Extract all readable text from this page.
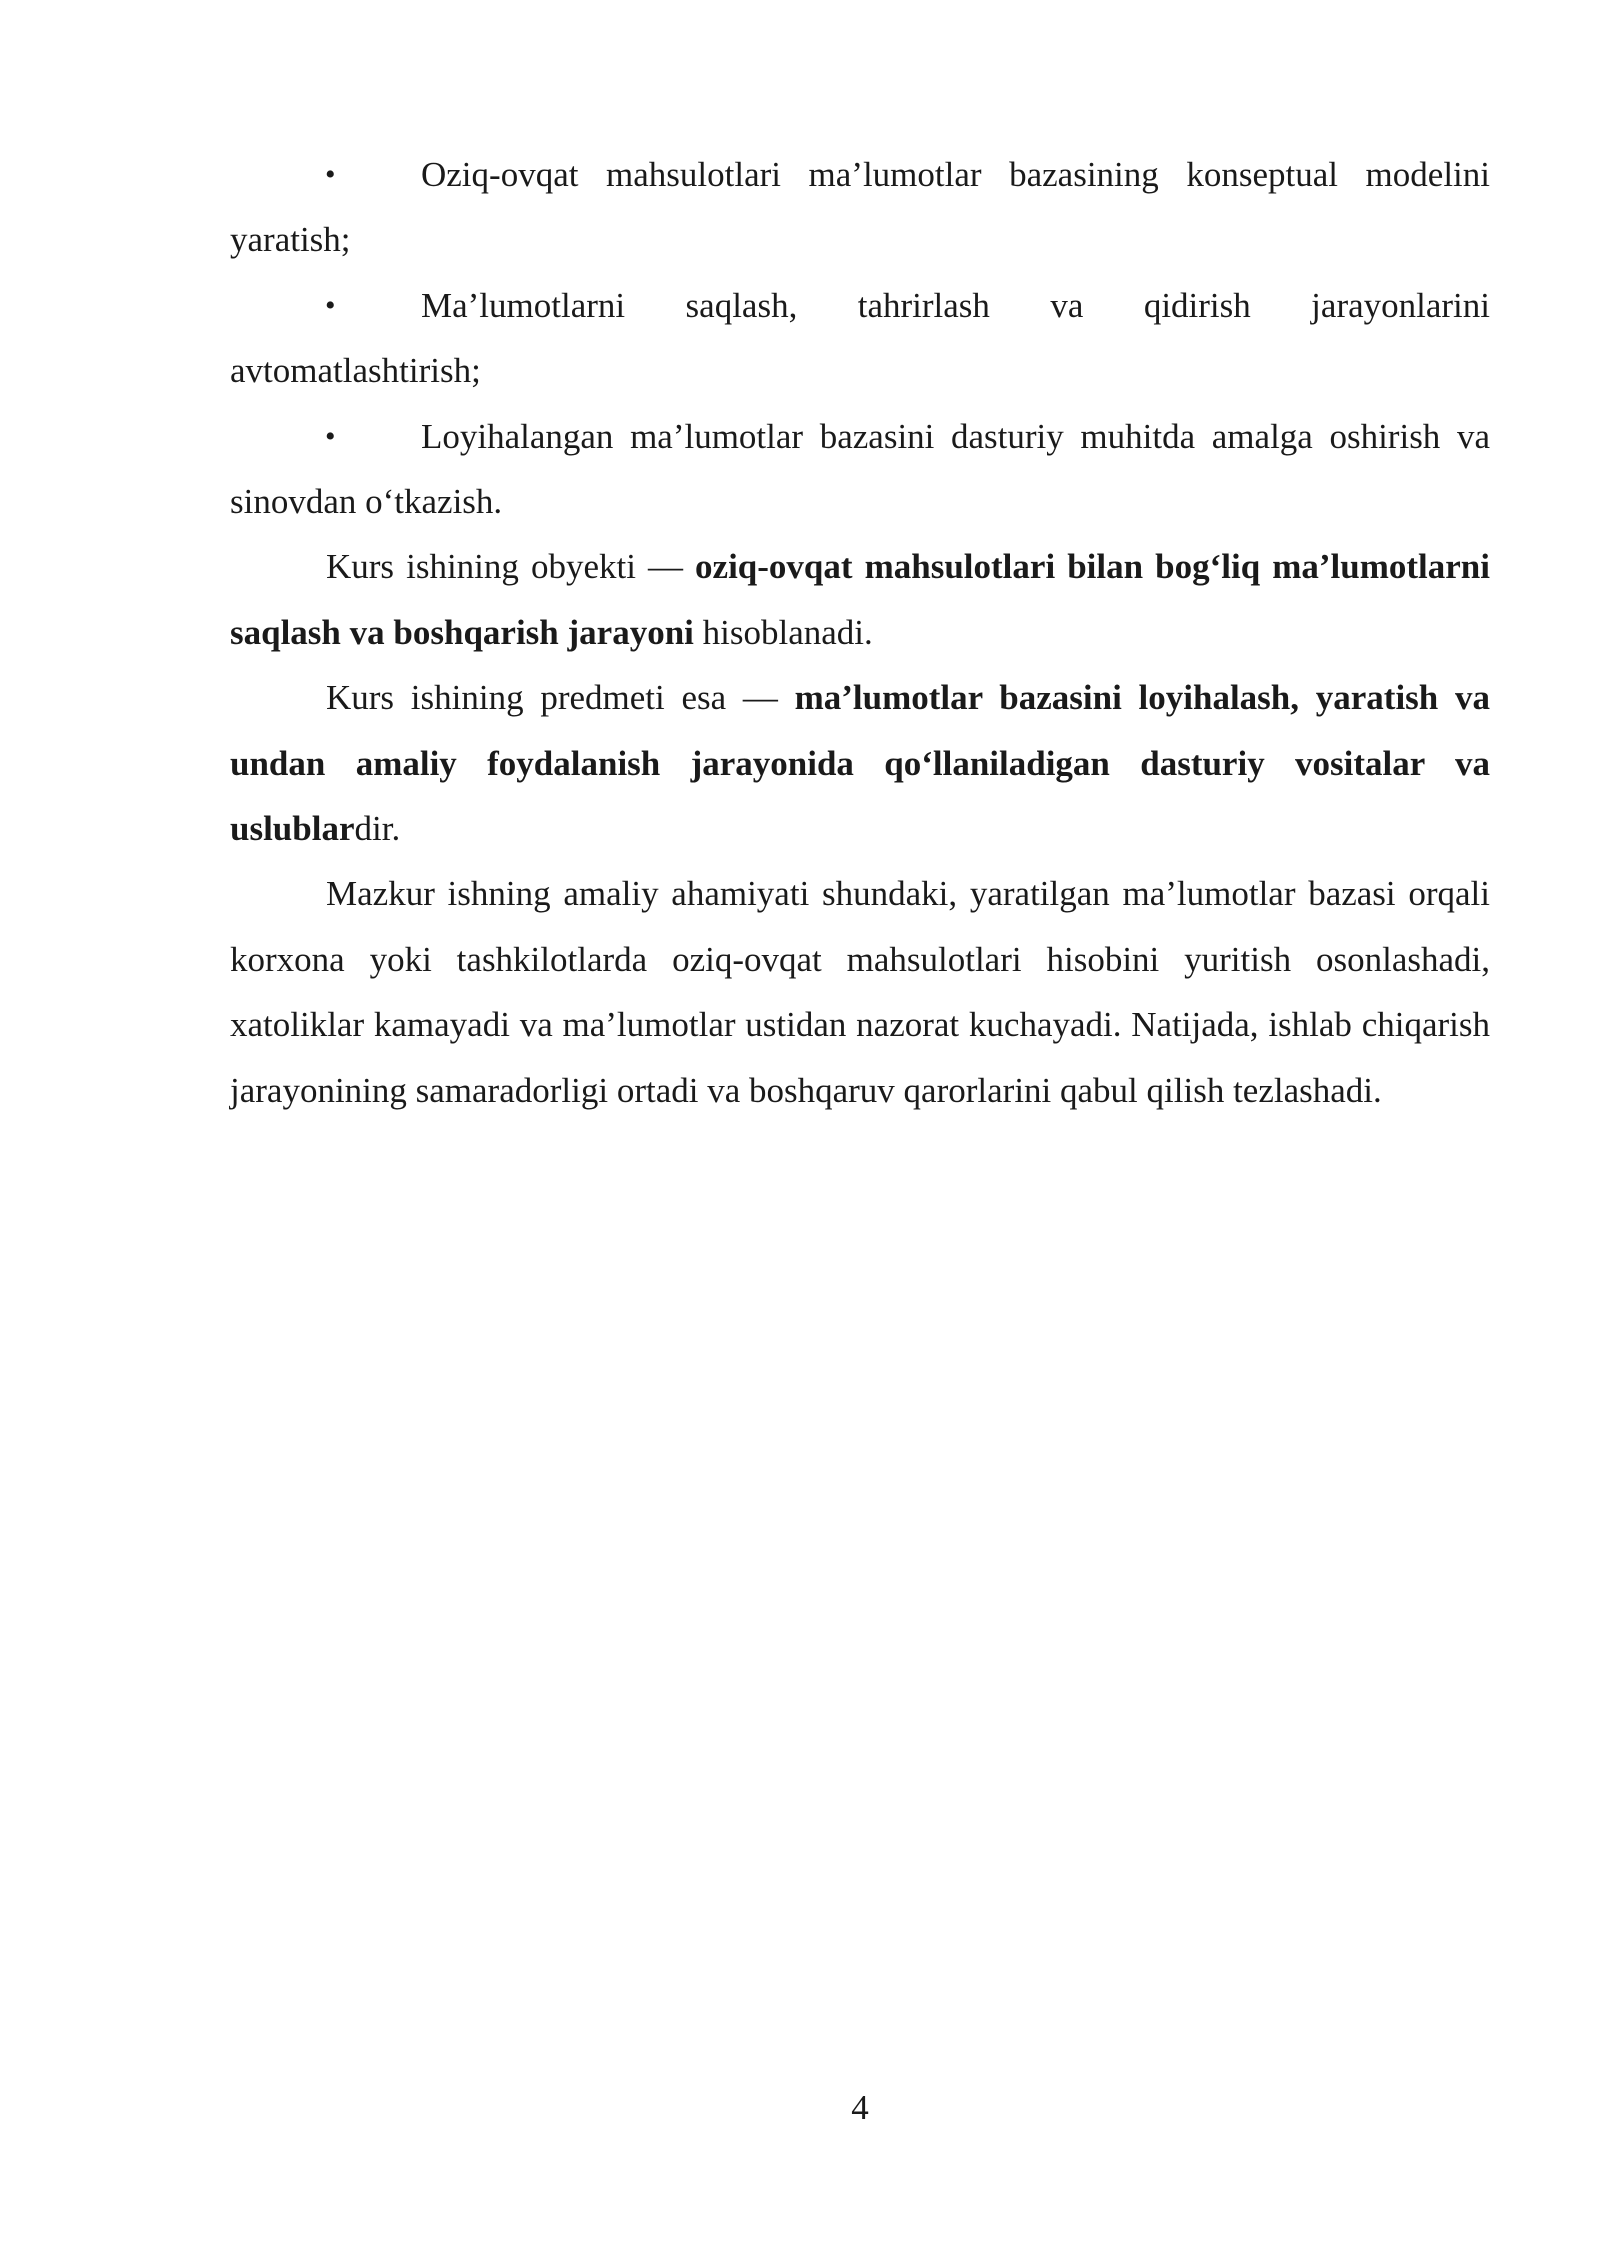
• Oziq-ovqat mahsulotlari ma’lumotlar bazasining konseptual modelini yaratish;

• Ma’lumotlarni saqlash, tahrirlash va qidirish jarayonlarini avtomatlashtirish;

• Loyihalangan ma’lumotlar bazasini dasturiy muhitda amalga oshirish va sinovdan o‘tkazish.

Kurs ishining obyekti — oziq-ovqat mahsulotlari bilan bog‘liq ma’lumotlarni saqlash va boshqarish jarayoni hisoblanadi.

Kurs ishining predmeti esa — ma’lumotlar bazasini loyihalash, yaratish va undan amaliy foydalanish jarayonida qo‘llaniladigan dasturiy vositalar va uslublardir.

Mazkur ishning amaliy ahamiyati shundaki, yaratilgan ma’lumotlar bazasi orqali korxona yoki tashkilotlarda oziq-ovqat mahsulotlari hisobini yuritish osonlashadi, xatoliklar kamayadi va ma’lumotlar ustidan nazorat kuchayadi. Natijada, ishlab chiqarish jarayonining samaradorligi ortadi va boshqaruv qarorlarini qabul qilish tezlashadi.

4
